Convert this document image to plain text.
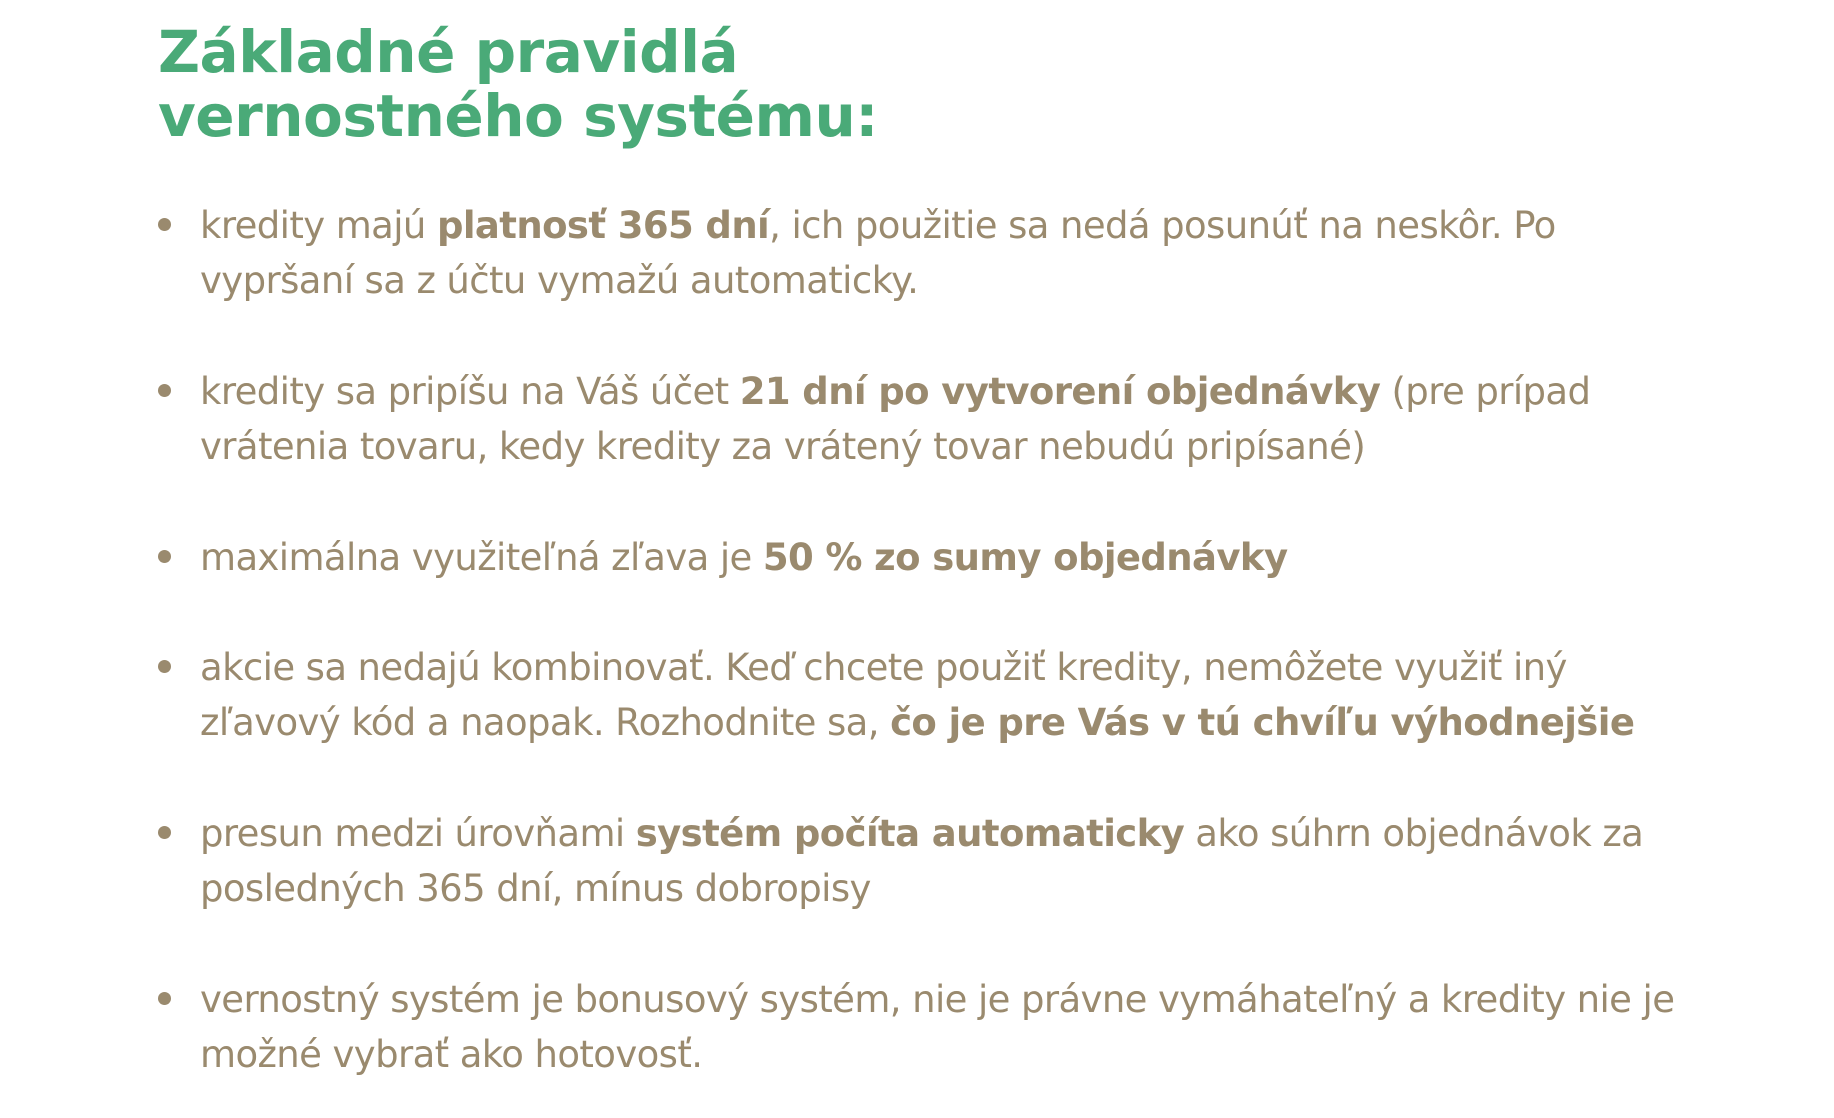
Základné pravidlá
vernostného systému:
kredity majú platnosť 365 dní, ich použitie sa nedá posunúť na neskôr. Po vypršaní sa z účtu vymažú automaticky.
kredity sa pripíšu na Váš účet 21 dní po vytvorení objednávky (pre prípad vrátenia tovaru, kedy kredity za vrátený tovar nebudú pripísané)
maximálna využiteľná zľava je 50 % zo sumy objednávky
akcie sa nedajú kombinovať. Keď chcete použiť kredity, nemôžete využiť iný zľavový kód a naopak. Rozhodnite sa, čo je pre Vás v tú chvíľu výhodnejšie
presun medzi úrovňami systém počíta automaticky ako súhrn objednávok za posledných 365 dní, mínus dobropisy
vernostný systém je bonusový systém, nie je právne vymáhateľný a kredity nie je možné vybrať ako hotovosť.
